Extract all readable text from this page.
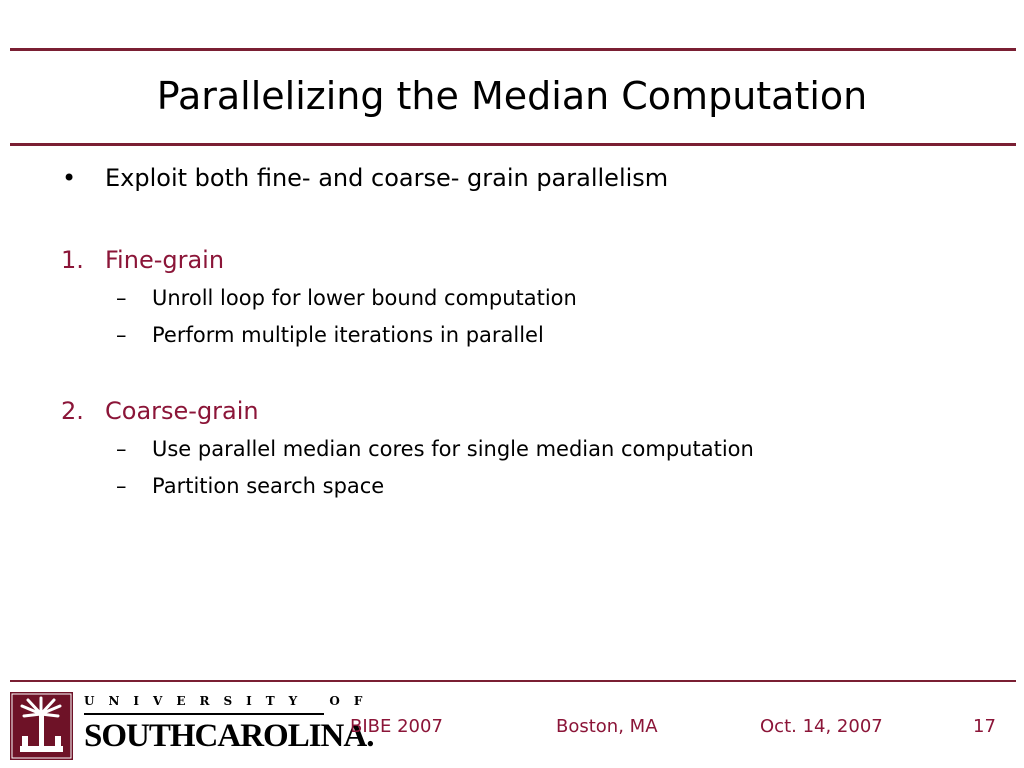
Parallelizing the Median Computation
• Exploit both fine- and coarse- grain parallelism
1. Fine-grain
– Unroll loop for lower bound computation
– Perform multiple iterations in parallel
2. Coarse-grain
– Use parallel median cores for single median computation
– Partition search space
UNIVERSITY OF
SOUTHCAROLINA.
BIBE 2007	Boston, MA	Oct. 14, 2007	17
